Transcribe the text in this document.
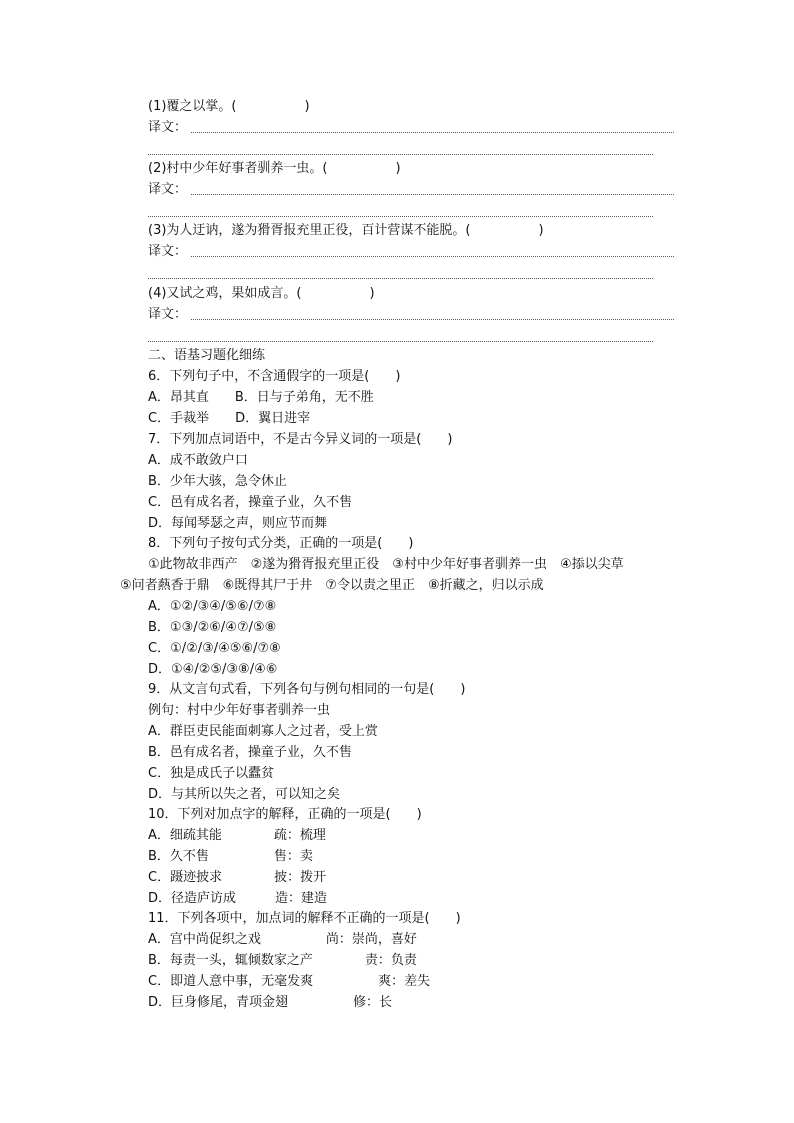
(1)覆之以掌。(	)
译文：
(2)村中少年好事者驯养一虫。(	)
译文：
(3)为人迂讷，遂为猾胥报充里正役，百计营谋不能脱。(	)
译文：
(4)又试之鸡，果如成言。(	)
译文：
二、语基习题化细练
6．下列句子中，不含通假字的一项是(　　)
A．昂其直　　B．日与子弟角，无不胜
C．手裁举　　D．翼日进宰
7．下列加点词语中，不是古今异义词的一项是(　　)
A．成不敢敛户口
B．少年大骇，急令休止
C．邑有成名者，操童子业，久不售
D．每闻琴瑟之声，则应节而舞
8．下列句子按句式分类，正确的一项是(　　)
①此物故非西产　②遂为猾胥报充里正役　③村中少年好事者驯养一虫　④掭以尖草
⑤问者爇香于鼎　⑥既得其尸于井　⑦令以责之里正　⑧折藏之，归以示成
A．①②/③④/⑤⑥/⑦⑧
B．①③/②⑥/④⑦/⑤⑧
C．①/②/③/④⑤⑥/⑦⑧
D．①④/②⑤/③⑧/④⑥
9．从文言句式看，下列各句与例句相同的一句是(　　)
例句：村中少年好事者驯养一虫
A．群臣吏民能面刺寡人之过者，受上赏
B．邑有成名者，操童子业，久不售
C．独是成氏子以蠹贫
D．与其所以失之者，可以知之矣
10．下列对加点字的解释，正确的一项是(　　)
A．细疏其能　　　　疏：梳理
B．久不售　　　　　售：卖
C．蹑迹披求　　　　披：拨开
D．径造庐访成　　　造：建造
11．下列各项中，加点词的解释不正确的一项是(　　)
A．宫中尚促织之戏　　　　　尚：崇尚，喜好
B．每责一头，辄倾数家之产　　　　责：负责
C．即道人意中事，无毫发爽　　　　　爽：差失
D．巨身修尾，青项金翅　　　　　修：长
